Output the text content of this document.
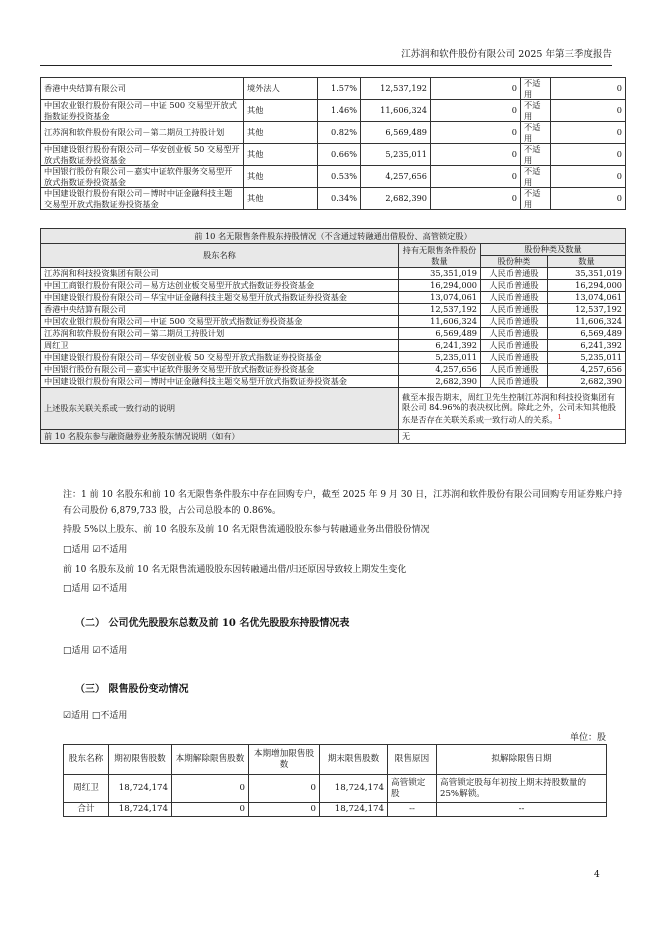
江苏润和软件股份有限公司 2025 年第三季度报告
香港中央结算有限公司	境外法人	1.57%	12,537,192	0	不适用	0
中国农业银行股份有限公司－中证 500 交易型开放式指数证券投资基金	其他	1.46%	11,606,324	0	不适用	0
江苏润和软件股份有限公司－第二期员工持股计划	其他	0.82%	6,569,489	0	不适用	0
中国建设银行股份有限公司－华安创业板 50 交易型开放式指数证券投资基金	其他	0.66%	5,235,011	0	不适用	0
中国银行股份有限公司－嘉实中证软件服务交易型开放式指数证券投资基金	其他	0.53%	4,257,656	0	不适用	0
中国建设银行股份有限公司－博时中证金融科技主题交易型开放式指数证券投资基金	其他	0.34%	2,682,390	0	不适用	0
前 10 名无限售条件股东持股情况（不含通过转融通出借股份、高管锁定股）			
股东名称	持有无限售条件股份数量	股份种类及数量	
		股份种类	数量
江苏润和科技投资集团有限公司	35,351,019	人民币普通股	35,351,019
中国工商银行股份有限公司－易方达创业板交易型开放式指数证券投资基金	16,294,000	人民币普通股	16,294,000
中国建设银行股份有限公司－华宝中证金融科技主题交易型开放式指数证券投资基金	13,074,061	人民币普通股	13,074,061
香港中央结算有限公司	12,537,192	人民币普通股	12,537,192
中国农业银行股份有限公司－中证 500 交易型开放式指数证券投资基金	11,606,324	人民币普通股	11,606,324
江苏润和软件股份有限公司－第二期员工持股计划	6,569,489	人民币普通股	6,569,489
周红卫	6,241,392	人民币普通股	6,241,392
中国建设银行股份有限公司－华安创业板 50 交易型开放式指数证券投资基金	5,235,011	人民币普通股	5,235,011
中国银行股份有限公司－嘉实中证软件服务交易型开放式指数证券投资基金	4,257,656	人民币普通股	4,257,656
中国建设银行股份有限公司－博时中证金融科技主题交易型开放式指数证券投资基金	2,682,390	人民币普通股	2,682,390
上述股东关联关系或一致行动的说明	截至本报告期末，周红卫先生控制江苏润和科技投资集团有限公司 84.96%的表决权比例。除此之外，公司未知其他股东是否存在关联关系或一致行动人的关系。$^1$
前 10 名股东参与融资融券业务股东情况说明（如有）	无		
注：1 前 10 名股东和前 10 名无限售条件股东中存在回购专户，截至 2025 年 9 月 30 日，江苏润和软件股份有限公司回购专用证券账户持有公司股份 6,879,733 股，占公司总股本的 0.86%。
持股 5%以上股东、前 10 名股东及前 10 名无限售流通股股东参与转融通业务出借股份情况
□适用 ☑不适用
前 10 名股东及前 10 名无限售流通股股东因转融通出借/归还原因导致较上期发生变化
□适用 ☑不适用
（二） 公司优先股股东总数及前 10 名优先股股东持股情况表
□适用 ☑不适用
（三） 限售股份变动情况
☑适用 □不适用
单位：股
股东名称	期初限售股数	本期解除限售股数	本期增加限售股数	期末限售股数	限售原因	拟解除限售日期
周红卫	18,724,174	0	0	18,724,174	高管锁定股	高管锁定股每年初按上期末持股数量的 25%解锁。
合计	18,724,174	0	0	18,724,174	--	--
4
